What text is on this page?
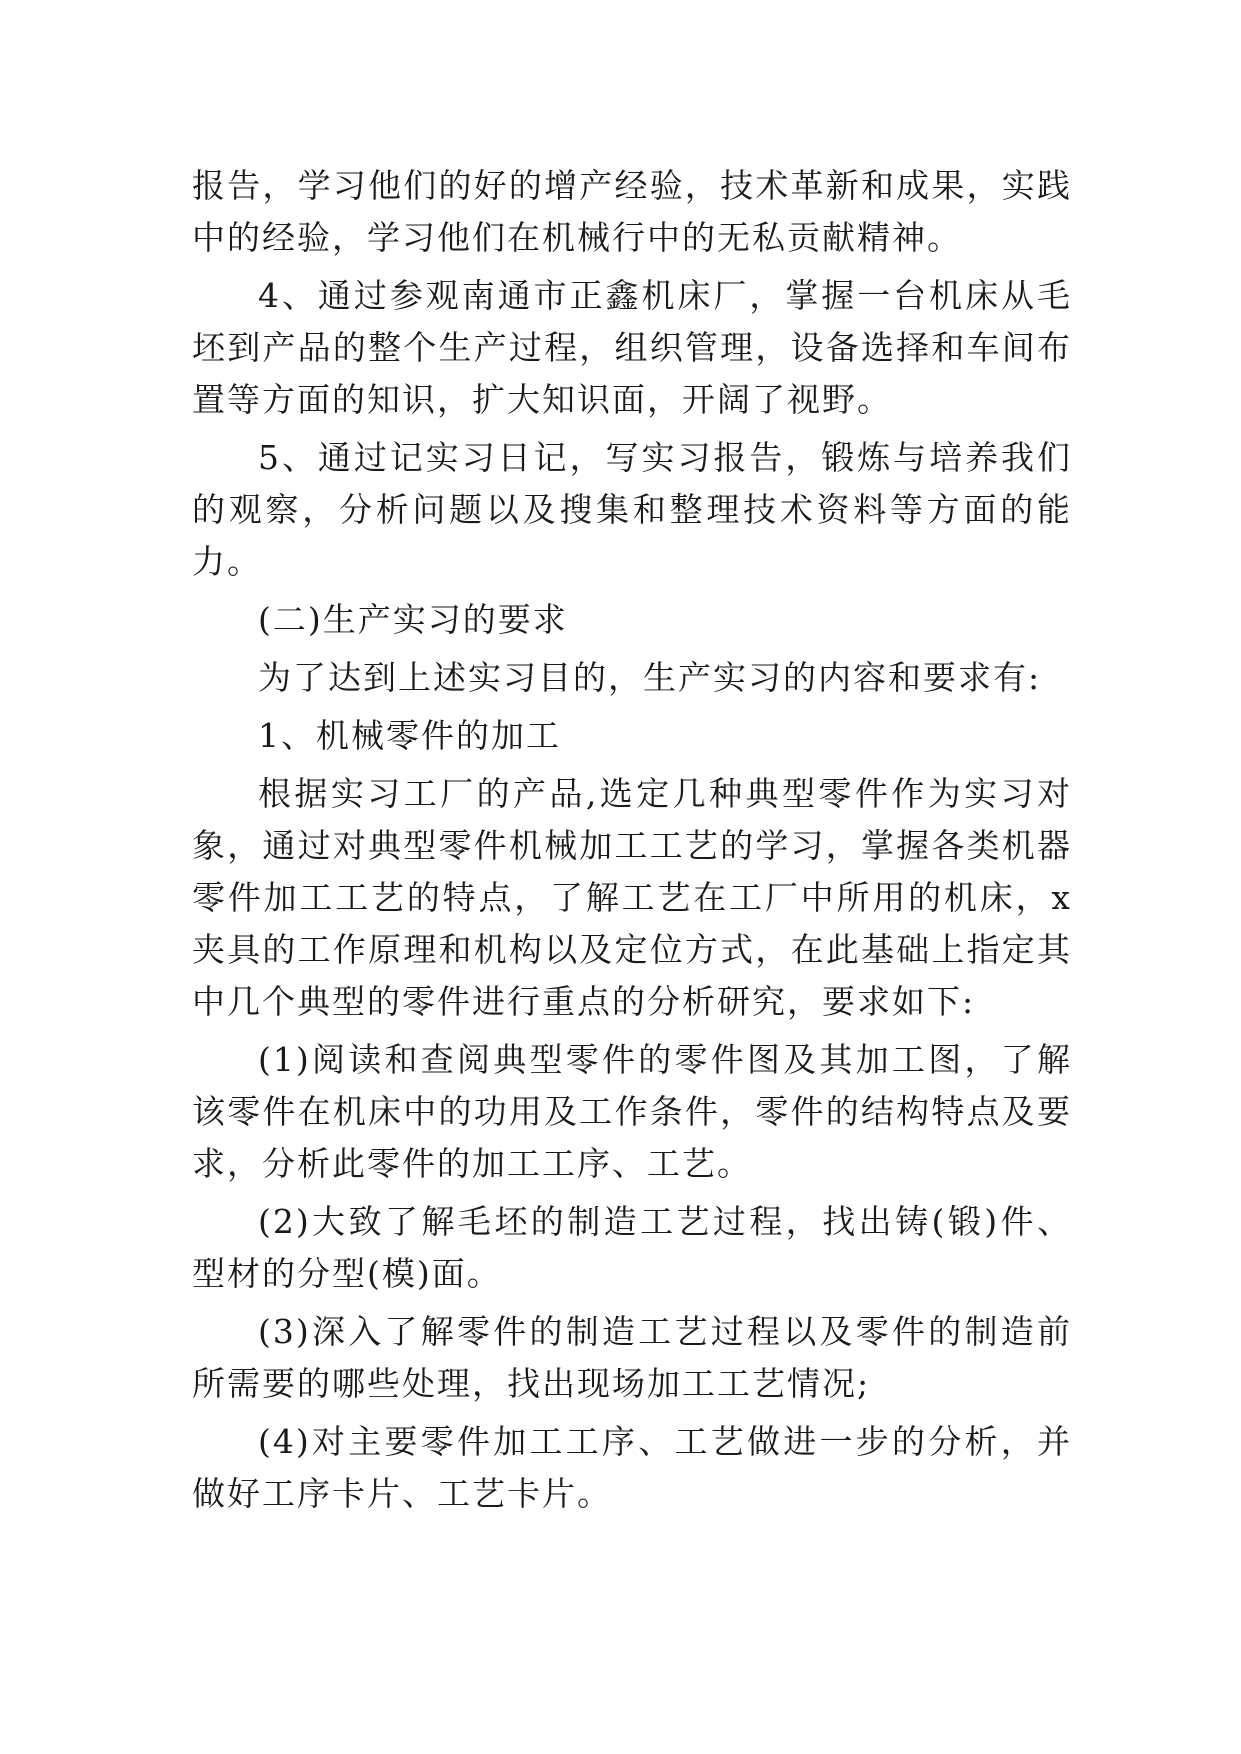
报告，学习他们的好的增产经验，技术革新和成果，实践中的经验，学习他们在机械行中的无私贡献精神。

4、通过参观南通市正鑫机床厂，掌握一台机床从毛坯到产品的整个生产过程，组织管理，设备选择和车间布置等方面的知识，扩大知识面，开阔了视野。

5、通过记实习日记，写实习报告，锻炼与培养我们的观察，分析问题以及搜集和整理技术资料等方面的能力。

(二)生产实习的要求

为了达到上述实习目的，生产实习的内容和要求有:

1、机械零件的加工

根据实习工厂的产品,选定几种典型零件作为实习对象，通过对典型零件机械加工工艺的学习，掌握各类机器零件加工工艺的特点，了解工艺在工厂中所用的机床，x 夹具的工作原理和机构以及定位方式，在此基础上指定其中几个典型的零件进行重点的分析研究，要求如下:

(1)阅读和查阅典型零件的零件图及其加工图，了解该零件在机床中的功用及工作条件，零件的结构特点及要求，分析此零件的加工工序、工艺。

(2)大致了解毛坯的制造工艺过程，找出铸(锻)件、型材的分型(模)面。

(3)深入了解零件的制造工艺过程以及零件的制造前所需要的哪些处理，找出现场加工工艺情况;

(4)对主要零件加工工序、工艺做进一步的分析，并做好工序卡片、工艺卡片。
